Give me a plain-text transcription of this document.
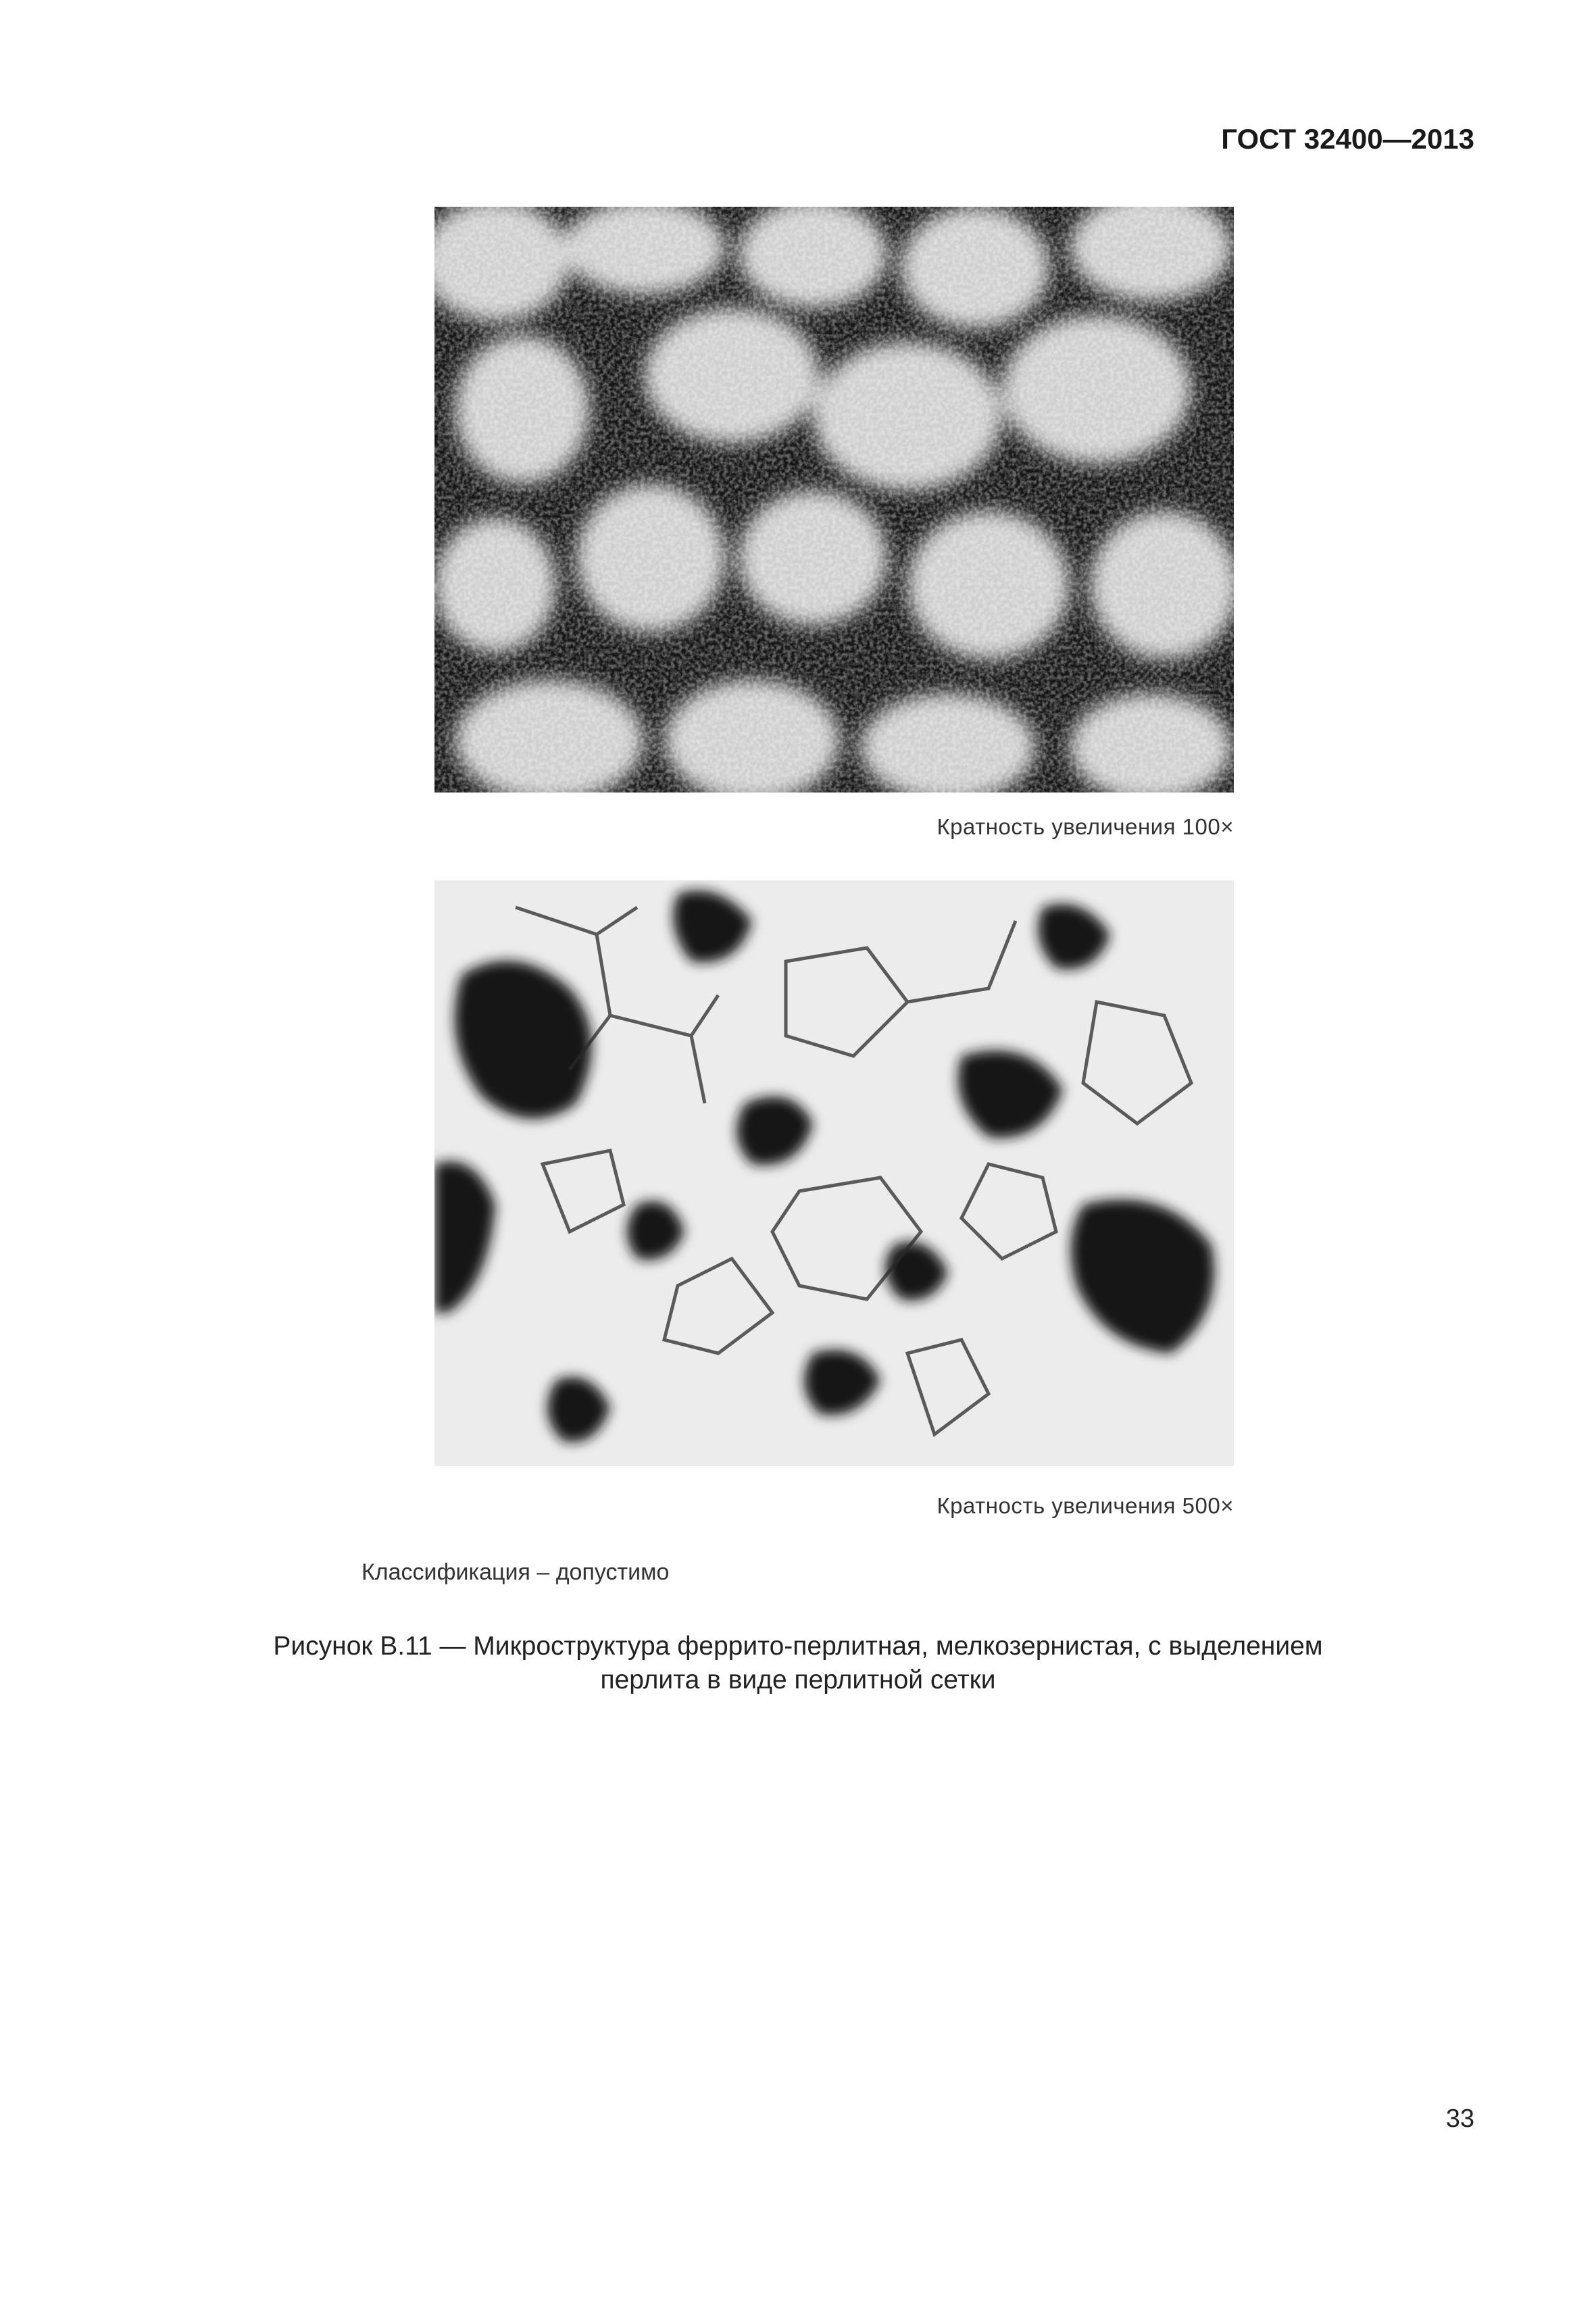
ГОСТ 32400—2013
Кратность увеличения 100×
Кратность увеличения 500×
Классификация – допустимо
Рисунок В.11 — Микроструктура феррито-перлитная, мелкозернистая, с выделением
перлита в виде перлитной сетки
33
